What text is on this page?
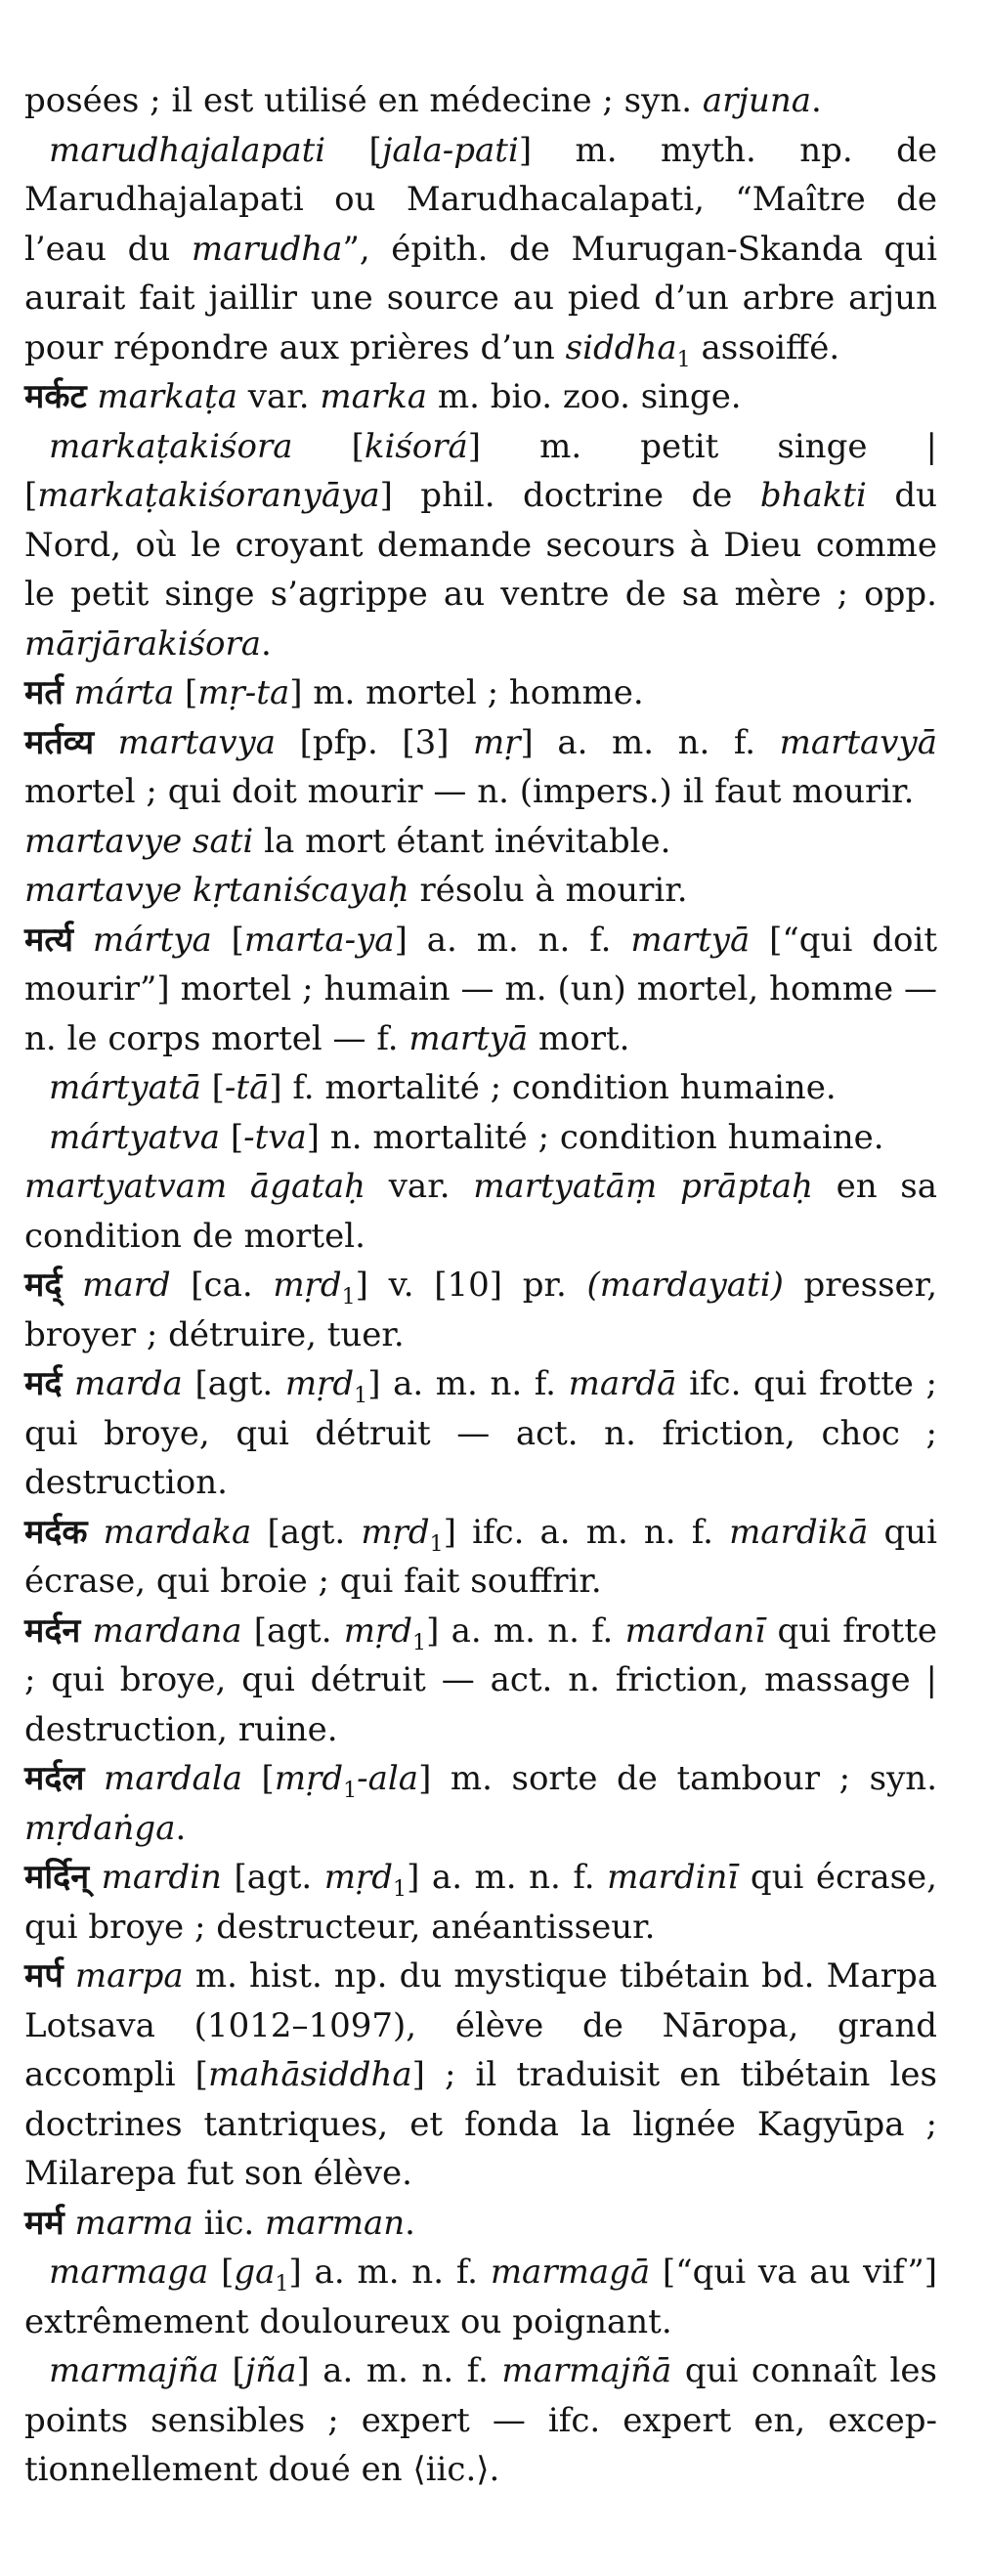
posées ; il est utilisé en médecine ; syn. arjuna.

marudhajalapati [jala-pati] m. myth. np. de Marudhajalapati ou Marudhacalapati, “Maître de l’eau du marudha”, épith. de Murugan-Skanda qui aurait fait jaillir une source au pied d’un arbre arjun pour répondre aux prières d’un siddha$_1$ assoiffé.

मर्कट markaṭa var. marka m. bio. zoo. singe.

markaṭakiśora [kiśorá] m. petit singe | [markaṭakiśoranyāya] phil. doctrine de bhakti du Nord, où le croyant demande secours à Dieu comme le petit singe s’agrippe au ventre de sa mère ; opp. mārjārakiśora.

मर्त márta [mṛ-ta] m. mortel ; homme.

मर्तव्य martavya [pfp. [3] mṛ] a. m. n. f. martavyā mortel ; qui doit mourir — n. (impers.) il faut mourir.

martavye sati la mort étant inévitable.

martavye kṛtaniścayaḥ résolu à mourir.

मर्त्य mártya [marta-ya] a. m. n. f. martyā [“qui doit mourir”] mortel ; humain — m. (un) mortel, homme — n. le corps mortel — f. martyā mort.

mártyatā [-tā] f. mortalité ; condition humaine.

mártyatva [-tva] n. mortalité ; condition humaine.

martyatvam āgataḥ var. martyatāṃ prāptaḥ en sa condition de mortel.

मर्द् mard [ca. mṛd$_1$] v. [10] pr. (mardayati) presser, broyer ; détruire, tuer.

मर्द marda [agt. mṛd$_1$] a. m. n. f. mardā ifc. qui frotte ; qui broye, qui détruit — act. n. friction, choc ; destruction.

मर्दक mardaka [agt. mṛd$_1$] ifc. a. m. n. f. mardikā qui écrase, qui broie ; qui fait souffrir.

मर्दन mardana [agt. mṛd$_1$] a. m. n. f. mardanī qui frotte ; qui broye, qui détruit — act. n. friction, massage | destruction, ruine.

मर्दल mardala [mṛd$_1$-ala] m. sorte de tambour ; syn. mṛdaṅga.

मर्दिन् mardin [agt. mṛd$_1$] a. m. n. f. mardinī qui écrase, qui broye ; destructeur, anéantisseur.

मर्प marpa m. hist. np. du mystique tibétain bd. Marpa Lotsava (1012–1097), élève de Nāropa, grand accompli [mahāsiddha] ; il traduisit en tibétain les doctrines tantriques, et fonda la lignée Kagyūpa ; Milarepa fut son élève.

मर्म marma iic. marman.

marmaga $[ga_1]$ a. m. n. f. marmagā [“qui va au vif”] extrêmement douloureux ou poignant.

marmajña [jña] a. m. n. f. marmajñā qui connaît les points sensibles ; expert — ifc. expert en, exceptionnellement doué en ⟨iic.⟩.
